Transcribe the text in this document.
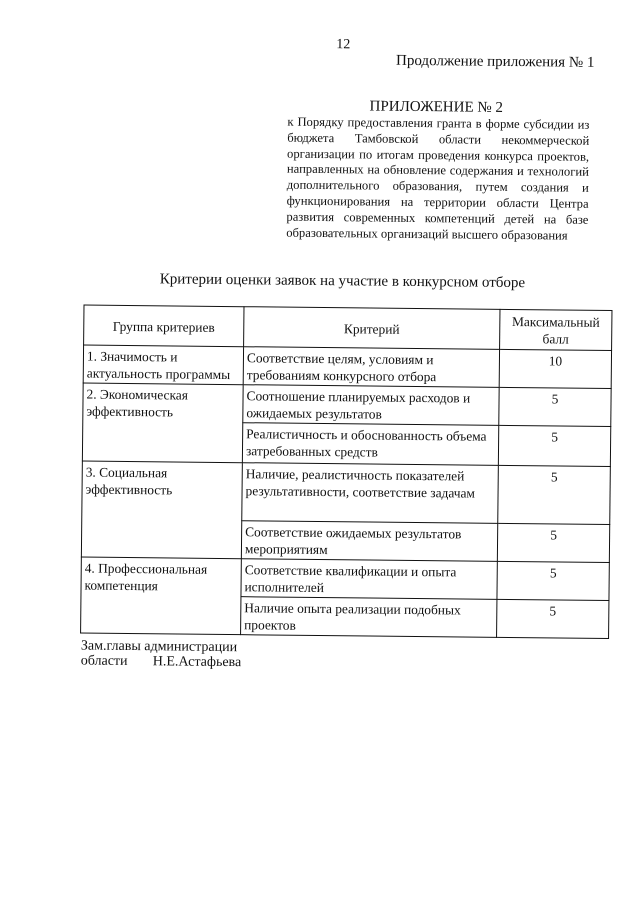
12
Продолжение приложения № 1
ПРИЛОЖЕНИЕ № 2
к Порядку предоставления гранта в форме субсидии из бюджета Тамбовской области некоммерческой организации по итогам проведения конкурса проектов, направленных на обновление содержания и технологий дополнительного образования, путем создания и функционирования на территории области Центра развития современных компетенций детей на базе образовательных организаций высшего образования
Критерии оценки заявок на участие в конкурсном отборе
Группа критериев	Критерий	Максимальный балл
1. Значимость и актуальность программы	Соответствие целям, условиям и требованиям конкурсного отбора	10
2. Экономическая эффективность	Соотношение планируемых расходов и ожидаемых результатов	5
	Реалистичность и обоснованность объема затребованных средств	5
3. Социальная эффективность	Наличие, реалистичность показателей результативности, соответствие задачам	5
	Соответствие ожидаемых результатов мероприятиям	5
4. Профессиональная компетенция	Соответствие квалификации и опыта исполнителей	5
	Наличие опыта реализации подобных проектов	5
Зам.главы администрации
области Н.Е.Астафьева
